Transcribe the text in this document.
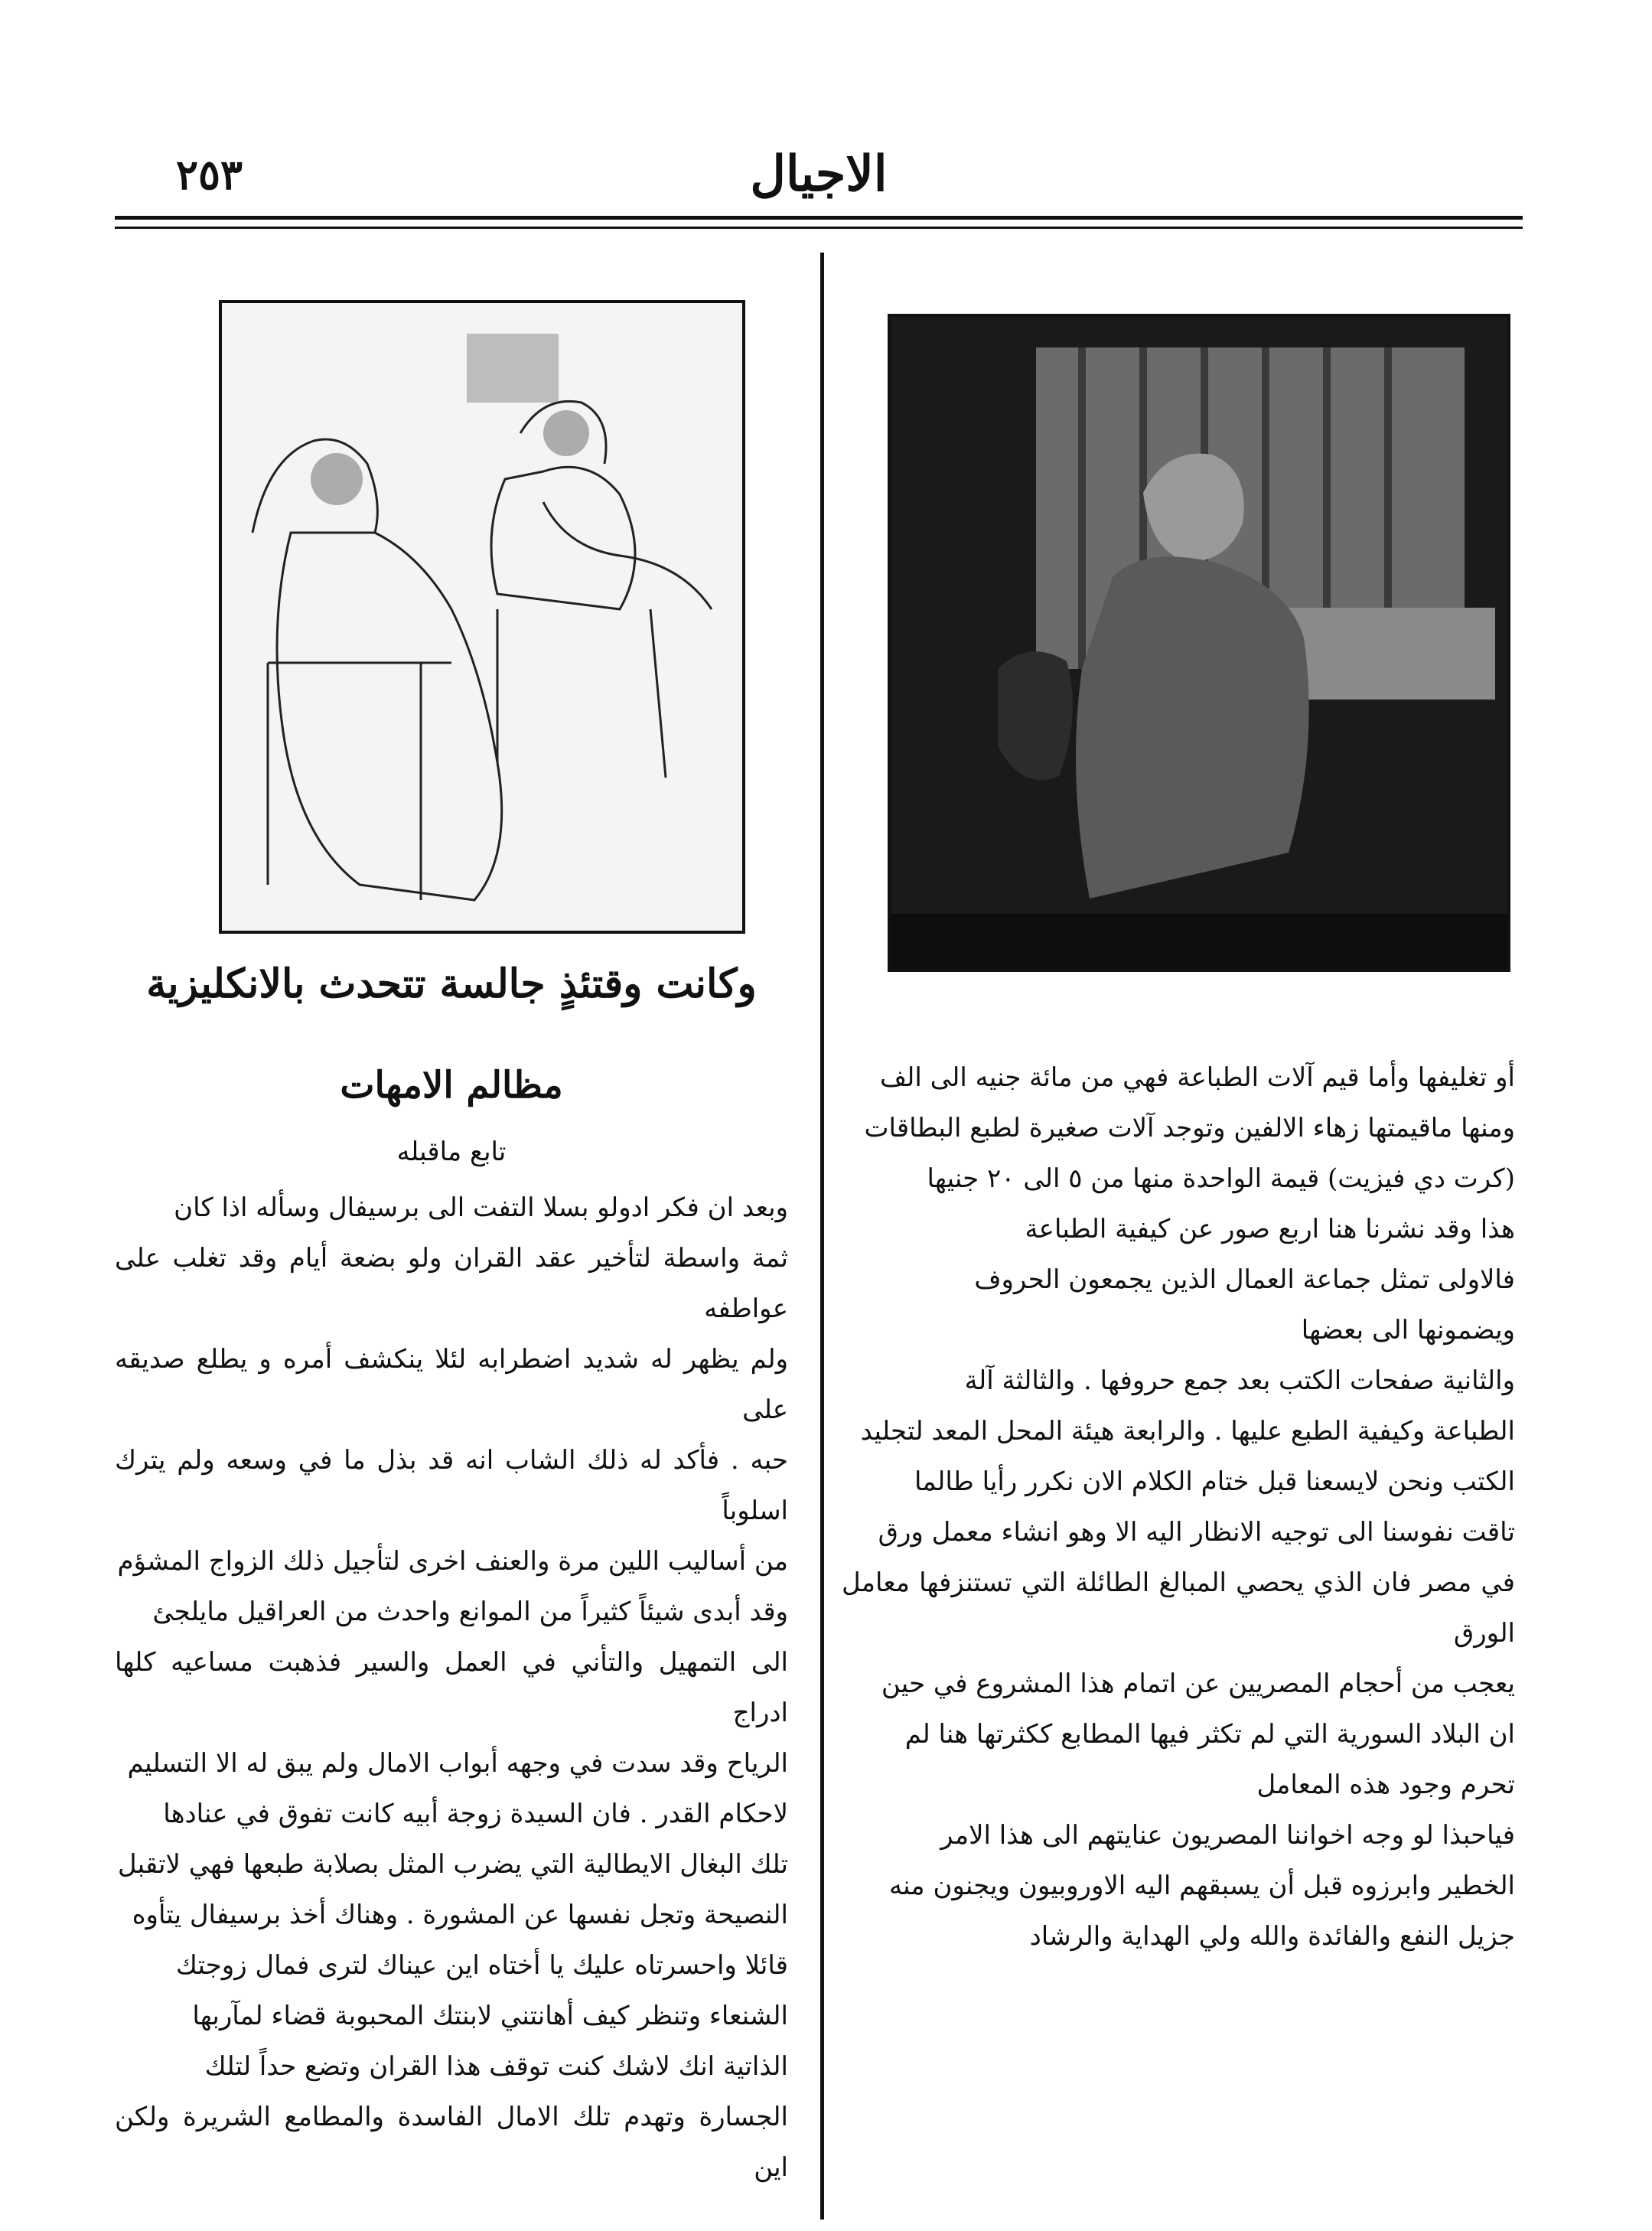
الاجيال
٢٥٣
وكانت وقتئذٍ جالسة تتحدث بالانكليزية
مظالم الامهات
تابع ماقبله

وبعد ان فكر ادولو بسلا التفت الى برسيفال وسأله اذا كان

ثمة واسطة لتأخير عقد القران ولو بضعة أيام وقد تغلب على عواطفه

ولم يظهر له شديد اضطرابه لئلا ينكشف أمره و يطلع صديقه على

حبه . فأكد له ذلك الشاب انه قد بذل ما في وسعه ولم يترك اسلوباً

من أساليب اللين مرة والعنف اخرى لتأجيل ذلك الزواج المشؤم

وقد أبدى شيئاً كثيراً من الموانع واحدث من العراقيل مايلجئ

الى التمهيل والتأني في العمل والسير فذهبت مساعيه كلها ادراج

الرياح وقد سدت في وجهه أبواب الامال ولم يبق له الا التسليم

لاحكام القدر . فان السيدة زوجة أبيه كانت تفوق في عنادها

تلك البغال الايطالية التي يضرب المثل بصلابة طبعها فهي لاتقبل

النصيحة وتجل نفسها عن المشورة . وهناك أخذ برسيفال يتأوه

قائلا واحسرتاه عليك يا أختاه اين عيناك لترى فمال زوجتك

الشنعاء وتنظر كيف أهانتني لابنتك المحبوبة قضاء لمآربها

الذاتية انك لاشك كنت توقف هذا القران وتضع حداً لتلك

الجسارة وتهدم تلك الامال الفاسدة والمطامع الشريرة ولكن اين

أو تغليفها وأما قيم آلات الطباعة فهي من مائة جنيه الى الف

ومنها ماقيمتها زهاء الالفين وتوجد آلات صغيرة لطبع البطاقات

(كرت دي فيزيت) قيمة الواحدة منها من ٥ الى ٢٠ جنيها

هذا وقد نشرنا هنا اربع صور عن كيفية الطباعة

فالاولى تمثل جماعة العمال الذين يجمعون الحروف

ويضمونها الى بعضها

والثانية صفحات الكتب بعد جمع حروفها . والثالثة آلة

الطباعة وكيفية الطبع عليها . والرابعة هيئة المحل المعد لتجليد

الكتب ونحن لايسعنا قبل ختام الكلام الان نكرر رأيا طالما

تاقت نفوسنا الى توجيه الانظار اليه الا وهو انشاء معمل ورق

في مصر فان الذي يحصي المبالغ الطائلة التي تستنزفها معامل الورق

يعجب من أحجام المصريين عن اتمام هذا المشروع في حين

ان البلاد السورية التي لم تكثر فيها المطابع ككثرتها هنا لم

تحرم وجود هذه المعامل

فياحبذا لو وجه اخواننا المصريون عنايتهم الى هذا الامر

الخطير وابرزوه قبل أن يسبقهم اليه الاوروبيون ويجنون منه

جزيل النفع والفائدة والله ولي الهداية والرشاد
